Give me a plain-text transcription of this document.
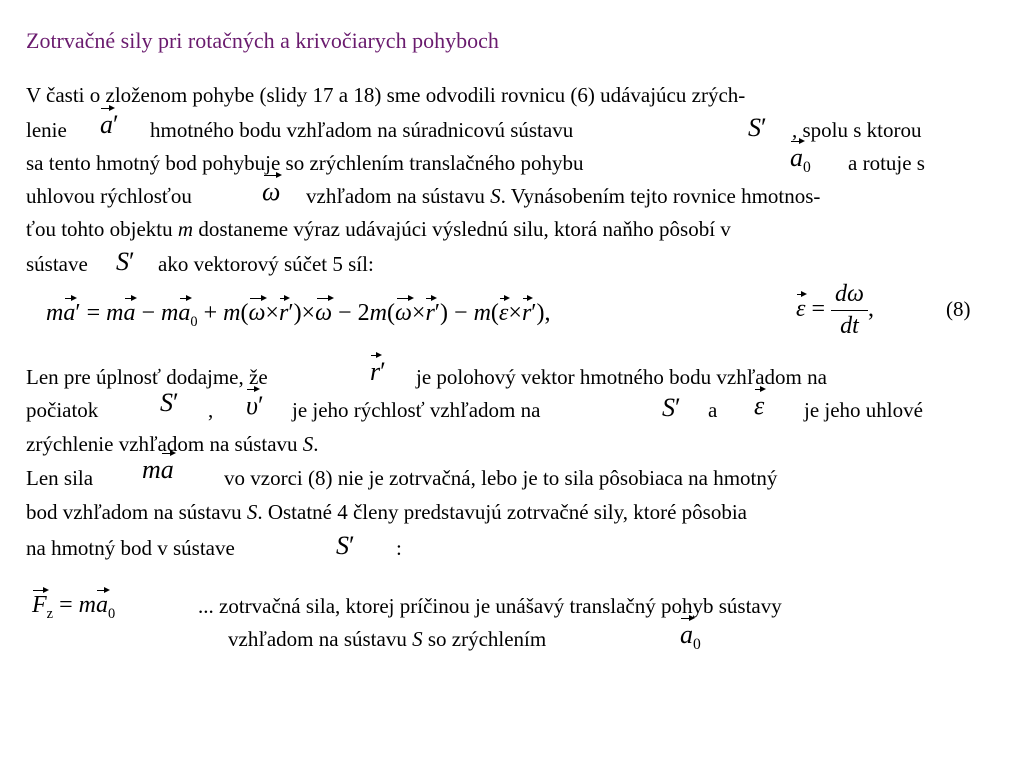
Zotrvačné sily pri rotačných a krivočiarych pohyboch
V časti o zloženom pohybe (slidy 17 a 18) sme odvodili rovnicu (6) udávajúcu zrých-
lenie a′ hmotného bodu vzhľadom na súradnicovú sústavu	S′ , spolu s ktorou
sa tento hmotný bod pohybuje so zrýchlením translačného pohybu	$a_0$ a rotuje s
uhlovou rýchlosťou	ω vzhľadom na sústavu S. Vynásobením tejto rovnice hmotnos-
ťou tohto objektu m dostaneme výraz udávajúci výslednú silu, ktorá naňho pôsobí v
sústave S′ ako vektorový súčet 5 síl:
ma′ = ma − $ma_0 + m(\omega\times r')\times\omega - 2m(\omega\times r') - m(\varepsilon\times r')$,	$\varepsilon = \frac{d\omega}{dt}$ ,	(8)
Len pre úplnosť dodajme, že	r′ je polohový vektor hmotného bodu vzhľadom na
počiatok S′ , υ′ je jeho rýchlosť vzhľadom na	S′ a ε je jeho uhlové
zrýchlenie vzhľadom na sústavu S.
Len sila ma vo vzorci (8) nie je zotrvačná, lebo je to sila pôsobiaca na hmotný
bod vzhľadom na sústavu S. Ostatné 4 členy predstavujú zotrvačné sily, ktoré pôsobia
na hmotný bod v sústave	S′ :
$F_z = ma_0$	... zotrvačná sila, ktorej príčinou je unášavý translačný pohyb sústavy
vzhľadom na sústavu S so zrýchlením	$a_0$
